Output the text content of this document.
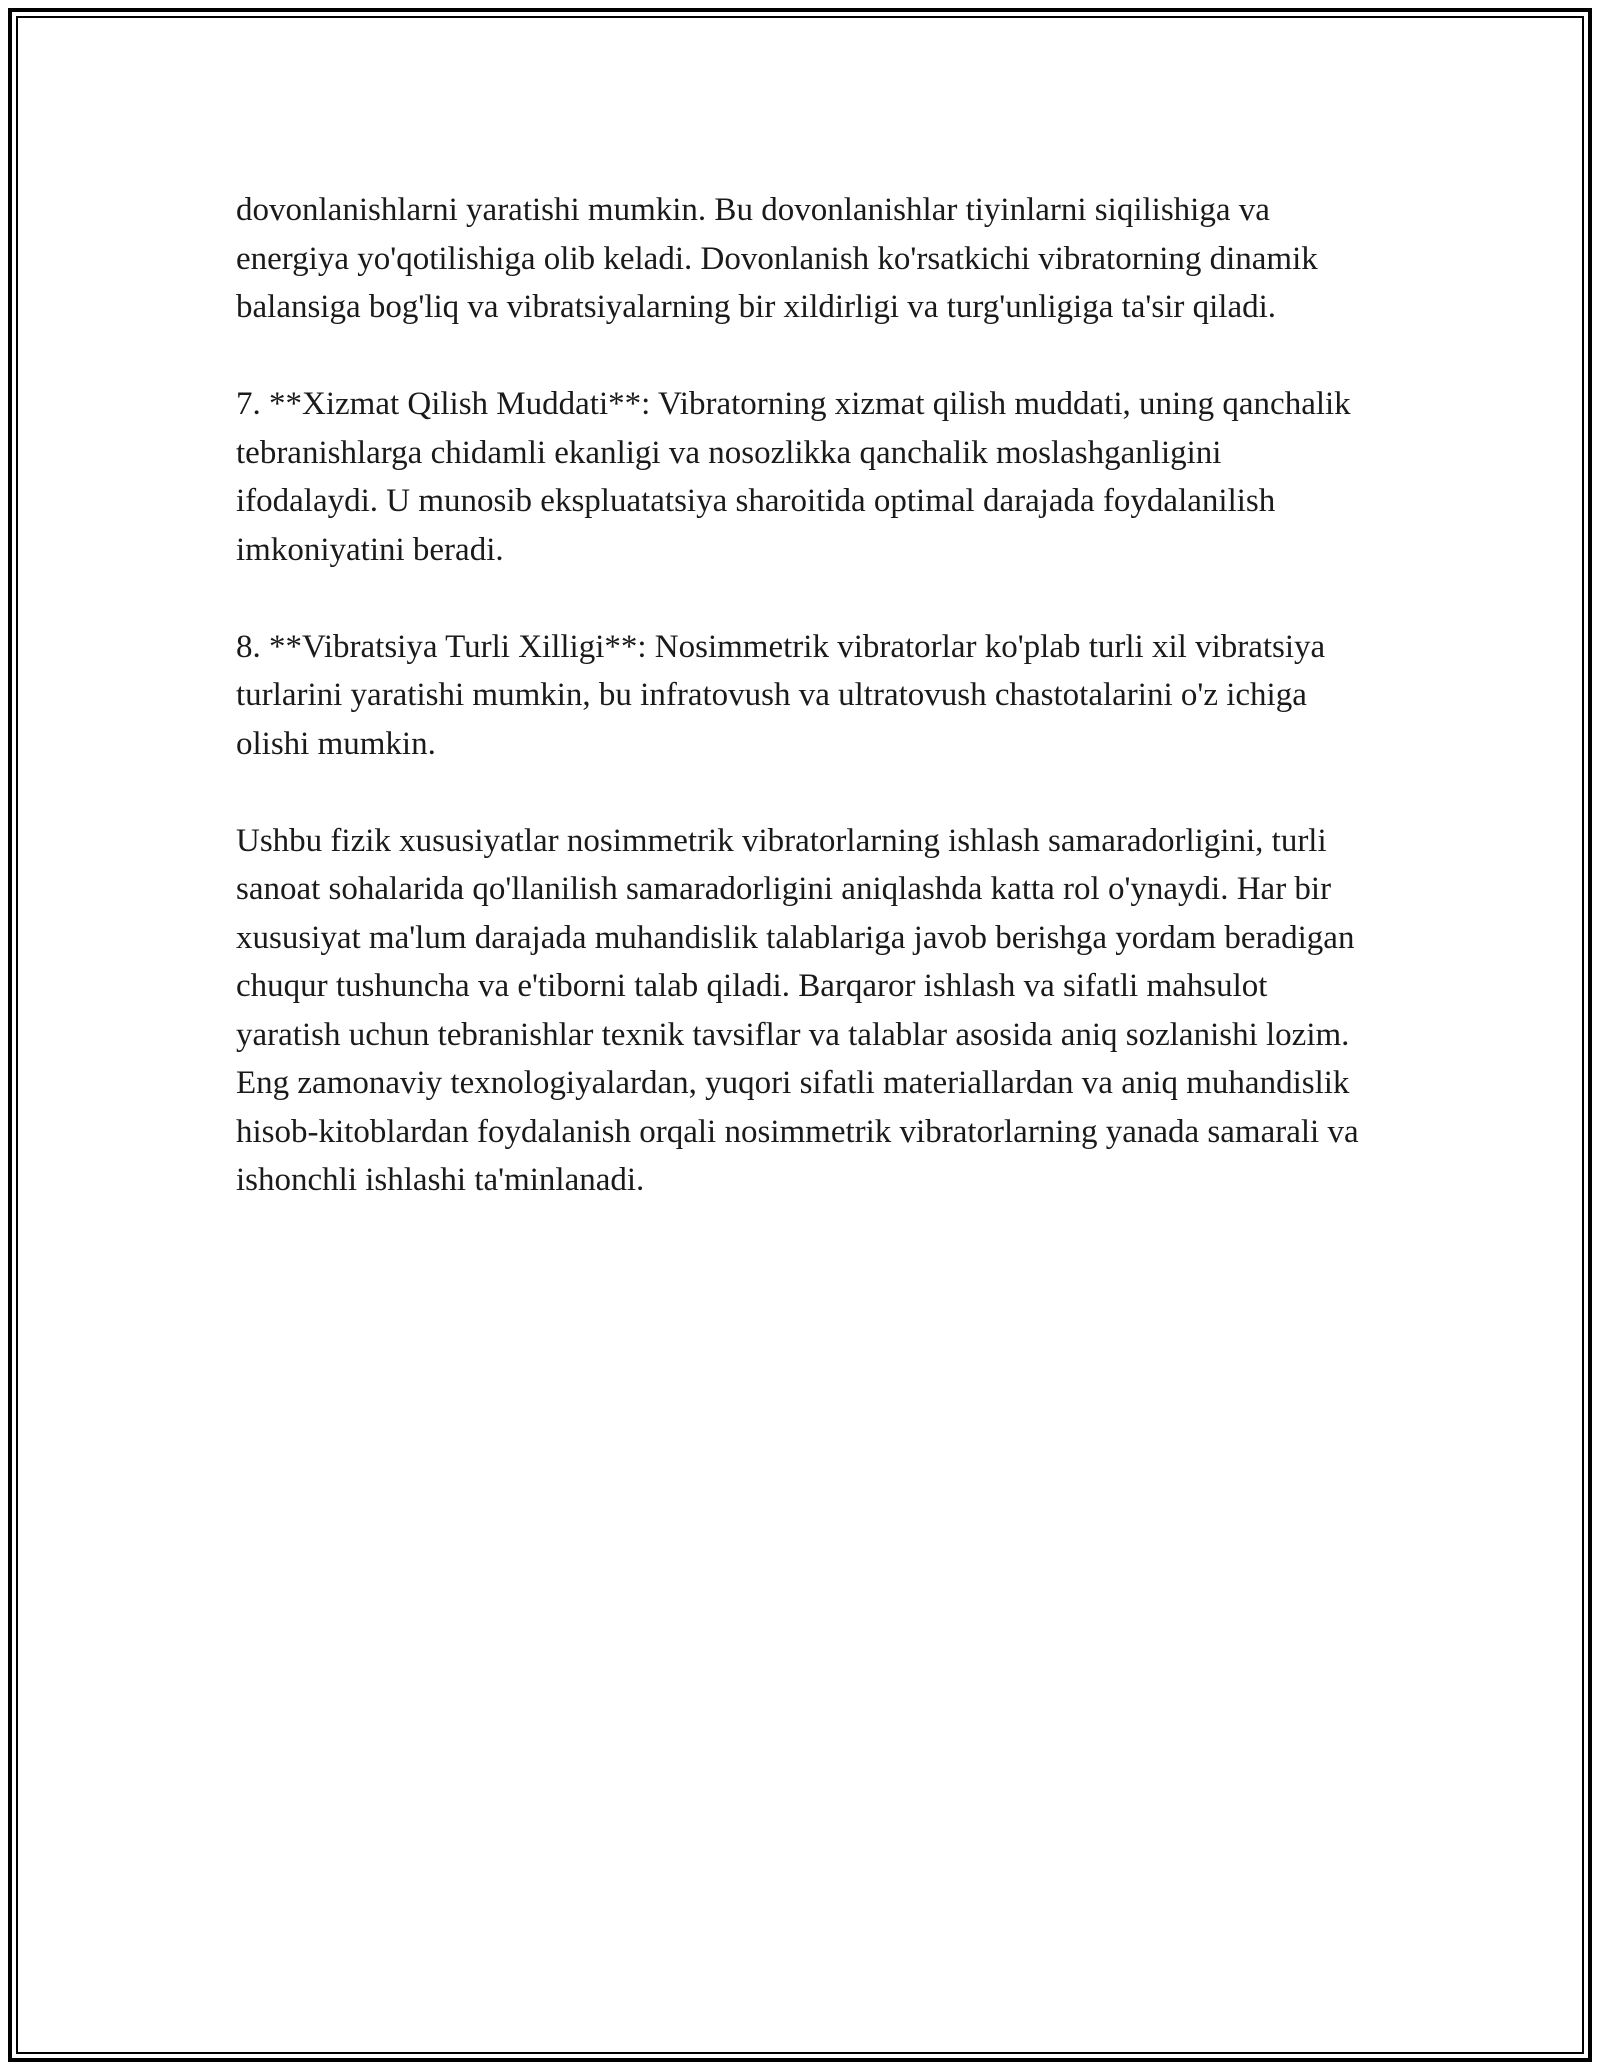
dovonlanishlarni yaratishi mumkin. Bu dovonlanishlar tiyinlarni siqilishiga va energiya yo'qotilishiga olib keladi. Dovonlanish ko'rsatkichi vibratorning dinamik balansiga bog'liq va vibratsiyalarning bir xildirligi va turg'unligiga ta'sir qiladi.

7. **Xizmat Qilish Muddati**: Vibratorning xizmat qilish muddati, uning qanchalik tebranishlarga chidamli ekanligi va nosozlikka qanchalik moslashganligini ifodalaydi. U munosib ekspluatatsiya sharoitida optimal darajada foydalanilish imkoniyatini beradi.

8. **Vibratsiya Turli Xilligi**: Nosimmetrik vibratorlar ko'plab turli xil vibratsiya turlarini yaratishi mumkin, bu infratovush va ultratovush chastotalarini o'z ichiga olishi mumkin.

Ushbu fizik xususiyatlar nosimmetrik vibratorlarning ishlash samaradorligini, turli sanoat sohalarida qo'llanilish samaradorligini aniqlashda katta rol o'ynaydi. Har bir xususiyat ma'lum darajada muhandislik talablariga javob berishga yordam beradigan chuqur tushuncha va e'tiborni talab qiladi. Barqaror ishlash va sifatli mahsulot yaratish uchun tebranishlar texnik tavsiflar va talablar asosida aniq sozlanishi lozim. Eng zamonaviy texnologiyalardan, yuqori sifatli materiallardan va aniq muhandislik hisob-kitoblardan foydalanish orqali nosimmetrik vibratorlarning yanada samarali va ishonchli ishlashi ta'minlanadi.
